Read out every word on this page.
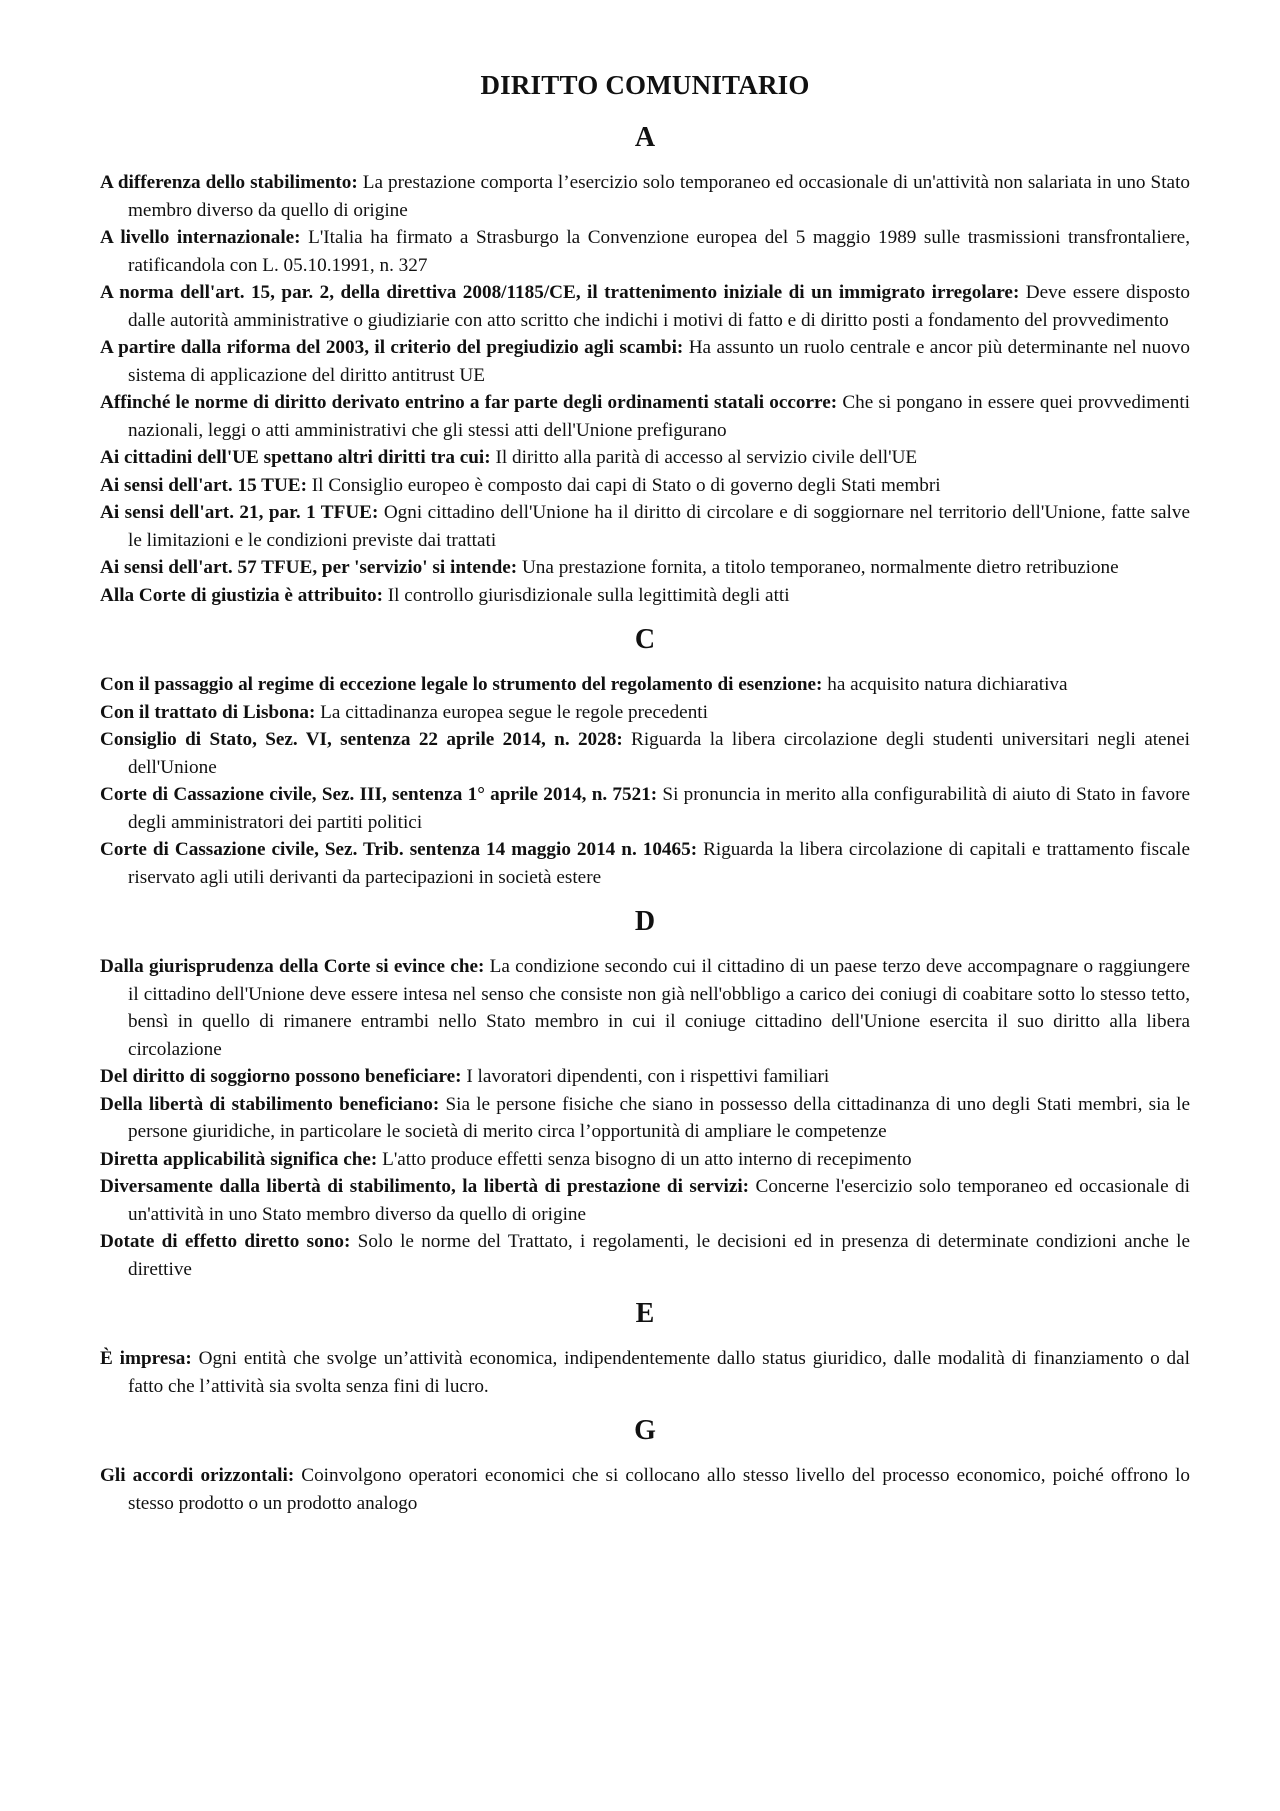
DIRITTO COMUNITARIO
A

A differenza dello stabilimento: La prestazione comporta l’esercizio solo temporaneo ed occasionale di un'attività non salariata in uno Stato membro diverso da quello di origine

A livello internazionale: L'Italia ha firmato a Strasburgo la Convenzione europea del 5 maggio 1989 sulle trasmissioni transfrontaliere, ratificandola con L. 05.10.1991, n. 327

A norma dell'art. 15, par. 2, della direttiva 2008/1185/CE, il trattenimento iniziale di un immigrato irregolare: Deve essere disposto dalle autorità amministrative o giudiziarie con atto scritto che indichi i motivi di fatto e di diritto posti a fondamento del provvedimento

A partire dalla riforma del 2003, il criterio del pregiudizio agli scambi: Ha assunto un ruolo centrale e ancor più determinante nel nuovo sistema di applicazione del diritto antitrust UE

Affinché le norme di diritto derivato entrino a far parte degli ordinamenti statali occorre: Che si pongano in essere quei provvedimenti nazionali, leggi o atti amministrativi che gli stessi atti dell'Unione prefigurano

Ai cittadini dell'UE spettano altri diritti tra cui: Il diritto alla parità di accesso al servizio civile dell'UE

Ai sensi dell'art. 15 TUE: Il Consiglio europeo è composto dai capi di Stato o di governo degli Stati membri

Ai sensi dell'art. 21, par. 1 TFUE: Ogni cittadino dell'Unione ha il diritto di circolare e di soggiornare nel territorio dell'Unione, fatte salve le limitazioni e le condizioni previste dai trattati

Ai sensi dell'art. 57 TFUE, per 'servizio' si intende: Una prestazione fornita, a titolo temporaneo, normalmente dietro retribuzione

Alla Corte di giustizia è attribuito: Il controllo giurisdizionale sulla legittimità degli atti

C

Con il passaggio al regime di eccezione legale lo strumento del regolamento di esenzione: ha acquisito natura dichiarativa

Con il trattato di Lisbona: La cittadinanza europea segue le regole precedenti

Consiglio di Stato, Sez. VI, sentenza 22 aprile 2014, n. 2028: Riguarda la libera circolazione degli studenti universitari negli atenei dell'Unione

Corte di Cassazione civile, Sez. III, sentenza 1° aprile 2014, n. 7521: Si pronuncia in merito alla configurabilità di aiuto di Stato in favore degli amministratori dei partiti politici

Corte di Cassazione civile, Sez. Trib. sentenza 14 maggio 2014 n. 10465: Riguarda la libera circolazione di capitali e trattamento fiscale riservato agli utili derivanti da partecipazioni in società estere

D

Dalla giurisprudenza della Corte si evince che: La condizione secondo cui il cittadino di un paese terzo deve accompagnare o raggiungere il cittadino dell'Unione deve essere intesa nel senso che consiste non già nell'obbligo a carico dei coniugi di coabitare sotto lo stesso tetto, bensì in quello di rimanere entrambi nello Stato membro in cui il coniuge cittadino dell'Unione esercita il suo diritto alla libera circolazione

Del diritto di soggiorno possono beneficiare: I lavoratori dipendenti, con i rispettivi familiari

Della libertà di stabilimento beneficiano: Sia le persone fisiche che siano in possesso della cittadinanza di uno degli Stati membri, sia le persone giuridiche, in particolare le società di merito circa l’opportunità di ampliare le competenze

Diretta applicabilità significa che: L'atto produce effetti senza bisogno di un atto interno di recepimento

Diversamente dalla libertà di stabilimento, la libertà di prestazione di servizi: Concerne l'esercizio solo temporaneo ed occasionale di un'attività in uno Stato membro diverso da quello di origine

Dotate di effetto diretto sono: Solo le norme del Trattato, i regolamenti, le decisioni ed in presenza di determinate condizioni anche le direttive

E

È impresa: Ogni entità che svolge un’attività economica, indipendentemente dallo status giuridico, dalle modalità di finanziamento o dal fatto che l’attività sia svolta senza fini di lucro.

G

Gli accordi orizzontali: Coinvolgono operatori economici che si collocano allo stesso livello del processo economico, poiché offrono lo stesso prodotto o un prodotto analogo
